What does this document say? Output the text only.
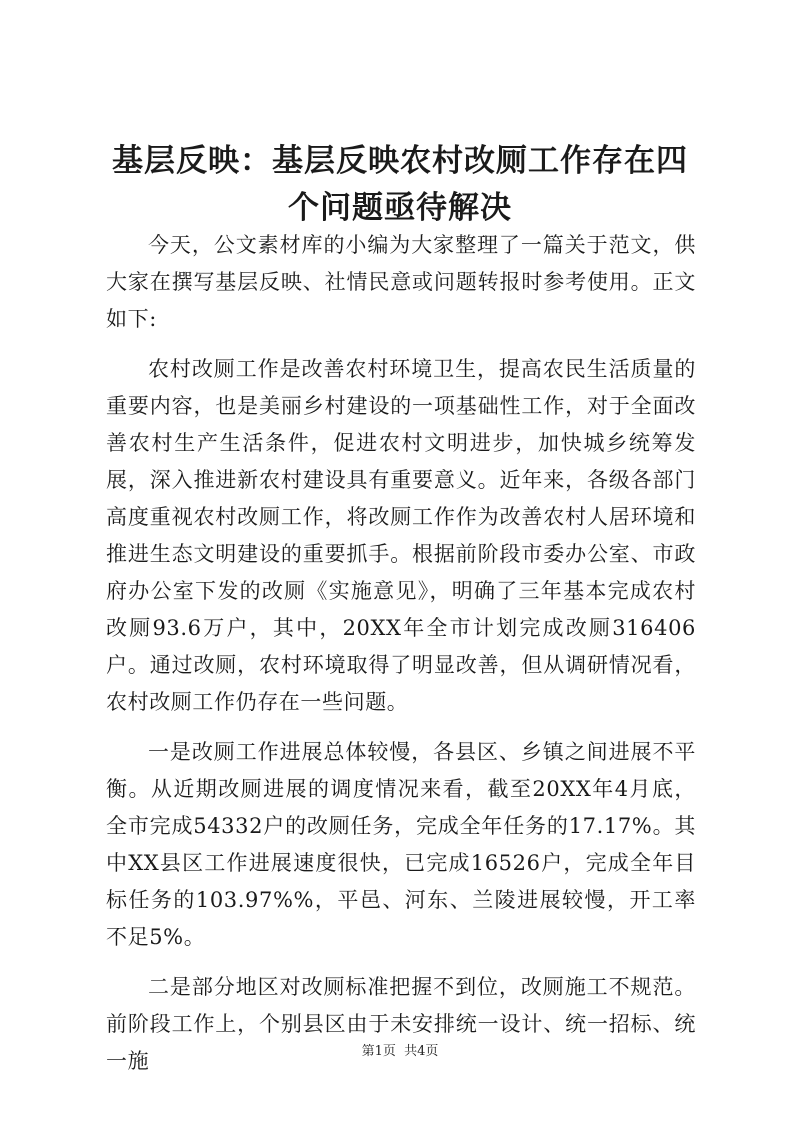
基层反映：基层反映农村改厕工作存在四个问题亟待解决

今天，公文素材库的小编为大家整理了一篇关于范文，供大家在撰写基层反映、社情民意或问题转报时参考使用。正文如下:

农村改厕工作是改善农村环境卫生，提高农民生活质量的重要内容，也是美丽乡村建设的一项基础性工作，对于全面改善农村生产生活条件，促进农村文明进步，加快城乡统筹发展，深入推进新农村建设具有重要意义。近年来，各级各部门高度重视农村改厕工作，将改厕工作作为改善农村人居环境和推进生态文明建设的重要抓手。根据前阶段市委办公室、市政府办公室下发的改厕《实施意见》，明确了三年基本完成农村改厕93.6万户，其中，20XX年全市计划完成改厕316406户。通过改厕，农村环境取得了明显改善，但从调研情况看，农村改厕工作仍存在一些问题。

一是改厕工作进展总体较慢，各县区、乡镇之间进展不平衡。从近期改厕进展的调度情况来看，截至20XX年4月底，全市完成54332户的改厕任务，完成全年任务的17.17%。其中XX县区工作进展速度很快，已完成16526户，完成全年目标任务的103.97%%，平邑、河东、兰陵进展较慢，开工率不足5%。

二是部分地区对改厕标准把握不到位，改厕施工不规范。前阶段工作上，个别县区由于未安排统一设计、统一招标、统一施	第1页 共4页
